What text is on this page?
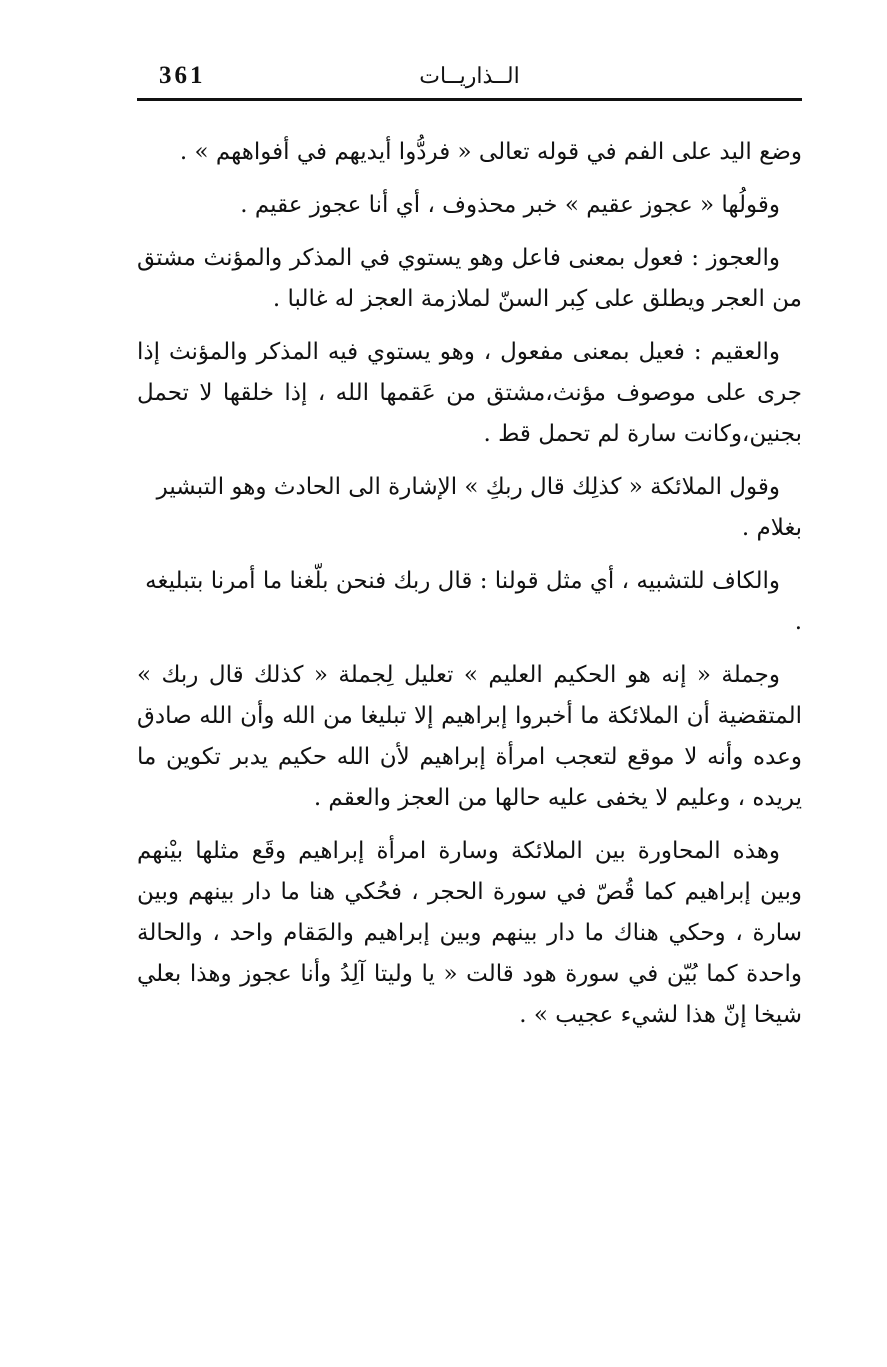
361	الــذاريــات

وضع اليد على الفم في قوله تعالى « فردُّوا أيديهم في أفواههم » .

وقولُها « عجوز عقيم » خبر محذوف ، أي أنا عجوز عقيم .

والعجوز : فعول بمعنى فاعل وهو يستوي في المذكر والمؤنث مشتق من العجر ويطلق على كِبر السنّ لملازمة العجز له غالبا .

والعقيم : فعيل بمعنى مفعول ، وهو يستوي فيه المذكر والمؤنث إذا جرى على موصوف مؤنث،مشتق من عَقمها الله ، إذا خلقها لا تحمل بجنين،وكانت سارة لم تحمل قط .

وقول الملائكة « كذلِك قال ربكِ » الإشارة الى الحادث وهو التبشير بغلام .

والكاف للتشبيه ، أي مثل قولنا : قال ربك فنحن بلّغنا ما أمرنا بتبليغه .

وجملة « إنه هو الحكيم العليم » تعليل لِجملة « كذلك قال ربك » المتقضية أن الملائكة ما أخبروا إبراهيم إلا تبليغا من الله وأن الله صادق وعده وأنه لا موقع لتعجب امرأة إبراهيم لأن الله حكيم يدبر تكوين ما يريده ، وعليم لا يخفى عليه حالها من العجز والعقم .

وهذه المحاورة بين الملائكة وسارة امرأة إبراهيم وقَع مثلها بيْنهم وبين إبراهيم كما قُصّ في سورة الحجر ، فحُكي هنا ما دار بينهم وبين سارة ، وحكي هناك ما دار بينهم وبين إبراهيم والمَقام واحد ، والحالة واحدة كما بُيّن في سورة هود قالت « يا وليتا آلِدُ وأنا عجوز وهذا بعلي شيخا إنّ هذا لشيء عجيب » .
